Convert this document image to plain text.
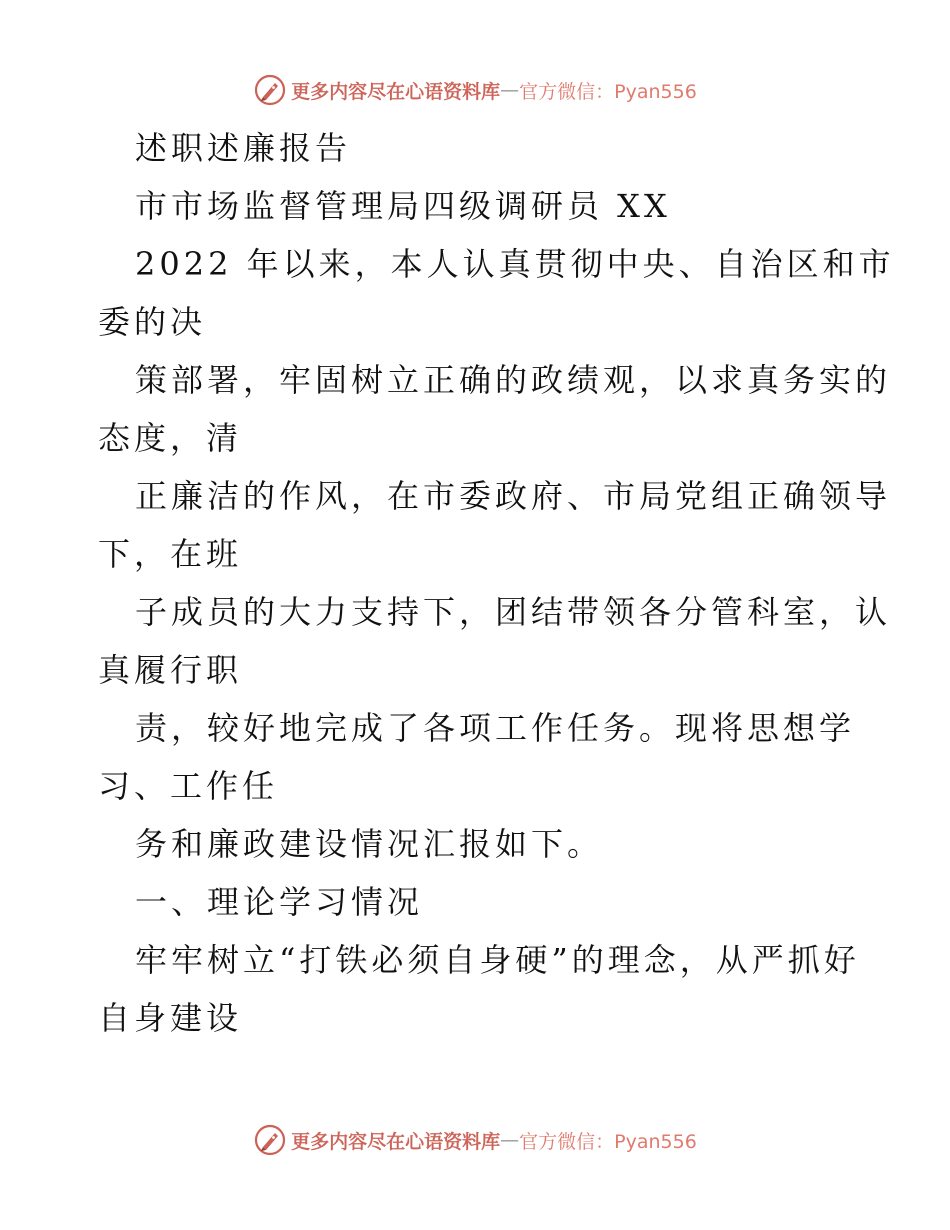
更多内容尽在心语资料库 — 官方微信：Pyan556
述职述廉报告
市市场监督管理局四级调研员 XX
2022 年以来，本人认真贯彻中央、自治区和市
委的决
策部署，牢固树立正确的政绩观，以求真务实的
态度，清
正廉洁的作风，在市委政府、市局党组正确领导
下，在班
子成员的大力支持下，团结带领各分管科室，认
真履行职
责，较好地完成了各项工作任务。现将思想学
习、工作任
务和廉政建设情况汇报如下。
一、理论学习情况
牢牢树立“打铁必须自身硬”的理念，从严抓好
自身建设
更多内容尽在心语资料库 — 官方微信：Pyan556
